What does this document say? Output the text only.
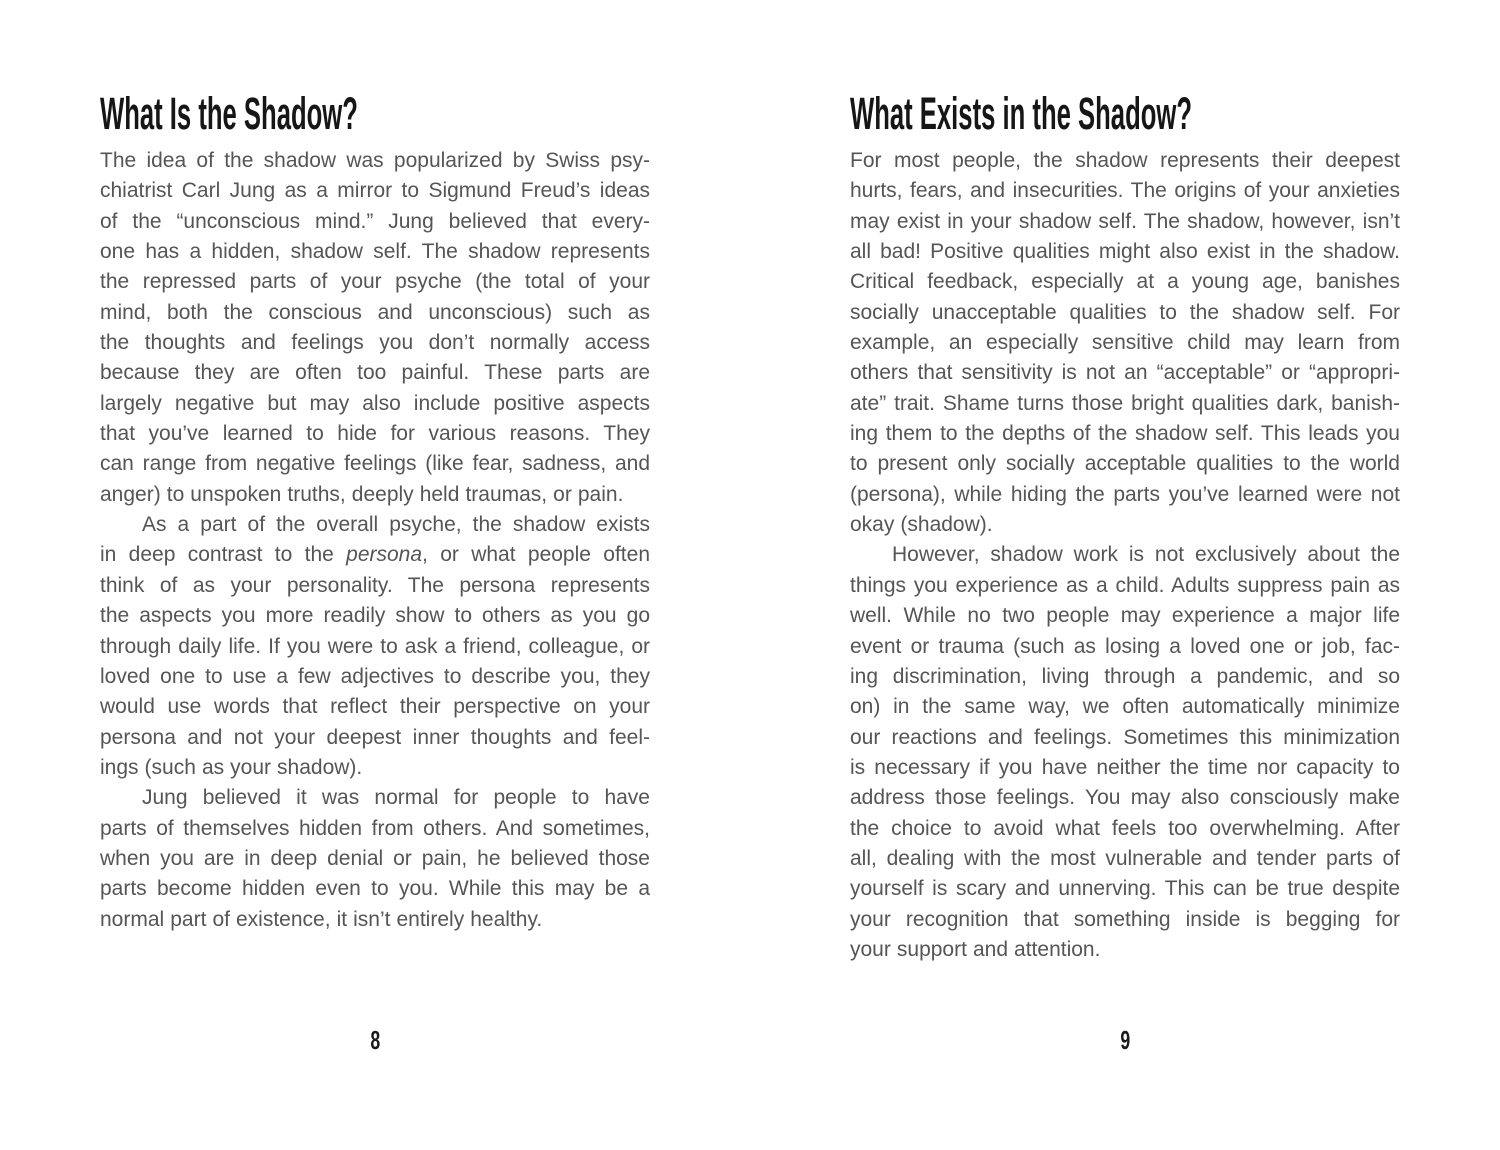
What Is the Shadow?
The idea of the shadow was popularized by Swiss psy-
chiatrist Carl Jung as a mirror to Sigmund Freud’s ideas
of the “unconscious mind.” Jung believed that every-
one has a hidden, shadow self. The shadow represents
the repressed parts of your psyche (the total of your
mind, both the conscious and unconscious) such as
the thoughts and feelings you don’t normally access
because they are often too painful. These parts are
largely negative but may also include positive aspects
that you’ve learned to hide for various reasons. They
can range from negative feelings (like fear, sadness, and
anger) to unspoken truths, deeply held traumas, or pain.
As a part of the overall psyche, the shadow exists
in deep contrast to the persona, or what people often
think of as your personality. The persona represents
the aspects you more readily show to others as you go
through daily life. If you were to ask a friend, colleague, or
loved one to use a few adjectives to describe you, they
would use words that reflect their perspective on your
persona and not your deepest inner thoughts and feel-
ings (such as your shadow).
Jung believed it was normal for people to have
parts of themselves hidden from others. And sometimes,
when you are in deep denial or pain, he believed those
parts become hidden even to you. While this may be a
normal part of existence, it isn’t entirely healthy.
8
What Exists in the Shadow?
For most people, the shadow represents their deepest
hurts, fears, and insecurities. The origins of your anxieties
may exist in your shadow self. The shadow, however, isn’t
all bad! Positive qualities might also exist in the shadow.
Critical feedback, especially at a young age, banishes
socially unacceptable qualities to the shadow self. For
example, an especially sensitive child may learn from
others that sensitivity is not an “acceptable” or “appropri-
ate” trait. Shame turns those bright qualities dark, banish-
ing them to the depths of the shadow self. This leads you
to present only socially acceptable qualities to the world
(persona), while hiding the parts you’ve learned were not
okay (shadow).
However, shadow work is not exclusively about the
things you experience as a child. Adults suppress pain as
well. While no two people may experience a major life
event or trauma (such as losing a loved one or job, fac-
ing discrimination, living through a pandemic, and so
on) in the same way, we often automatically minimize
our reactions and feelings. Sometimes this minimization
is necessary if you have neither the time nor capacity to
address those feelings. You may also consciously make
the choice to avoid what feels too overwhelming. After
all, dealing with the most vulnerable and tender parts of
yourself is scary and unnerving. This can be true despite
your recognition that something inside is begging for
your support and attention.
9
